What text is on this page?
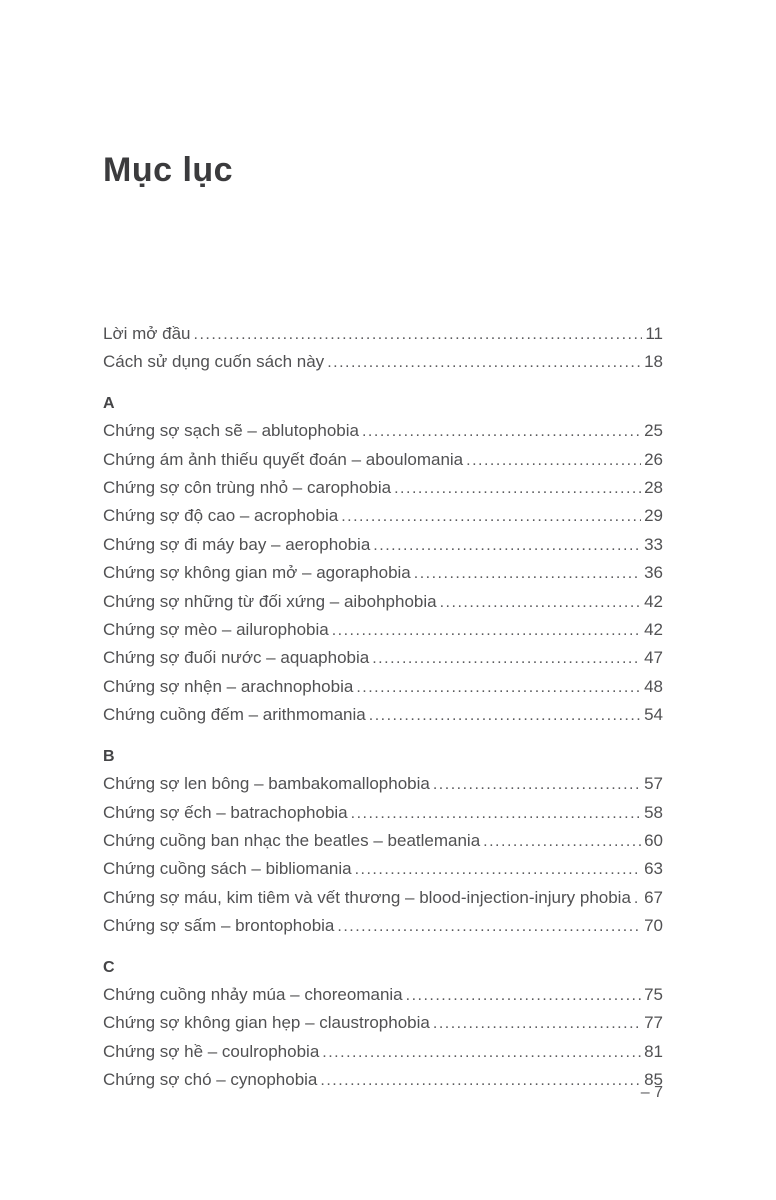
Mục lục
Lời mở đầu .....	11
Cách sử dụng cuốn sách này .....	18
A
Chứng sợ sạch sẽ – ablutophobia .....	25
Chứng ám ảnh thiếu quyết đoán – aboulomania .....	26
Chứng sợ côn trùng nhỏ – carophobia .....	28
Chứng sợ độ cao – acrophobia .....	29
Chứng sợ đi máy bay – aerophobia .....	33
Chứng sợ không gian mở – agoraphobia .....	36
Chứng sợ những từ đối xứng – aibohphobia .....	42
Chứng sợ mèo – ailurophobia .....	42
Chứng sợ đuối nước – aquaphobia .....	47
Chứng sợ nhện – arachnophobia .....	48
Chứng cuồng đếm – arithmomania .....	54
B
Chứng sợ len bông – bambakomallophobia .....	57
Chứng sợ ếch – batrachophobia .....	58
Chứng cuồng ban nhạc the beatles – beatlemania .....	60
Chứng cuồng sách – bibliomania .....	63
Chứng sợ máu, kim tiêm và vết thương – blood-injection-injury phobia ..... 67
Chứng sợ sấm – brontophobia .....	70
C
Chứng cuồng nhảy múa – choreomania .....	75
Chứng sợ không gian hẹp – claustrophobia .....	77
Chứng sợ hề – coulrophobia .....	81
Chứng sợ chó – cynophobia .....	85
– 7
